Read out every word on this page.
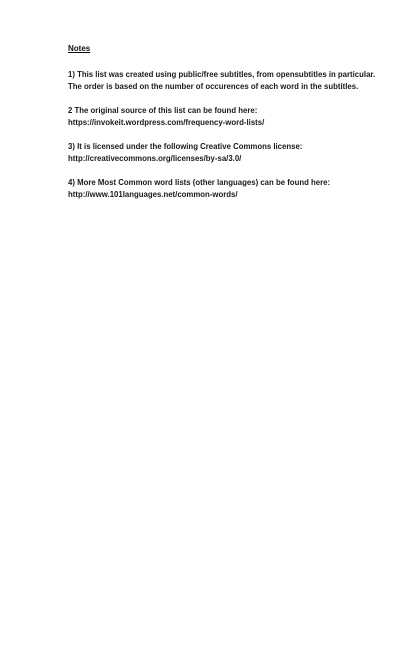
Notes
1) This list was created using public/free subtitles, from opensubtitles in particular.
The order is based on the number of occurences of each word in the subtitles.
2 The original source of this list can be found here:
https://invokeit.wordpress.com/frequency-word-lists/
3) It is licensed under the following Creative Commons license:
http://creativecommons.org/licenses/by-sa/3.0/
4) More Most Common word lists (other languages) can be found here:
http://www.101languages.net/common-words/
